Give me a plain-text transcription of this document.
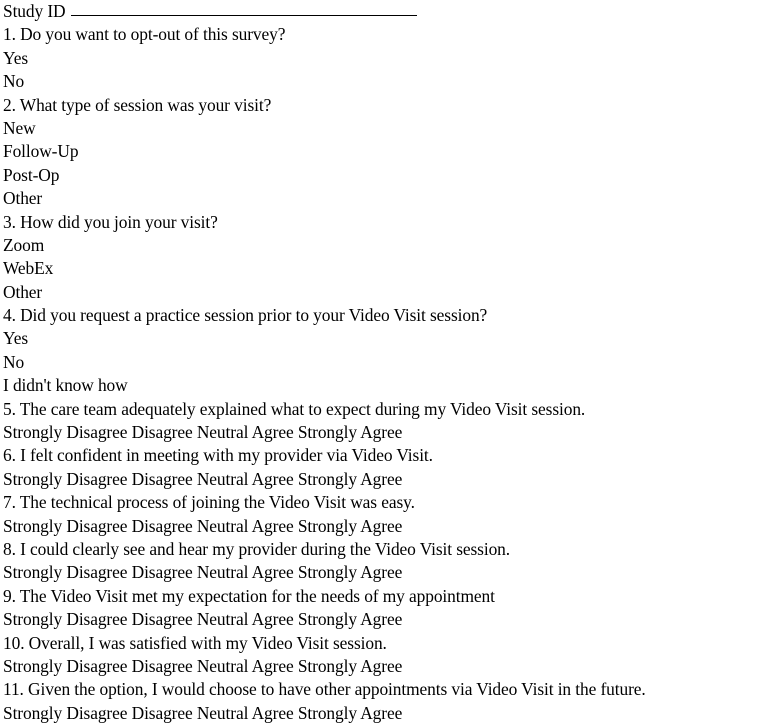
Study ID
1. Do you want to opt-out of this survey?
Yes
No
2. What type of session was your visit?
New
Follow-Up
Post-Op
Other
3. How did you join your visit?
Zoom
WebEx
Other
4. Did you request a practice session prior to your Video Visit session?
Yes
No
I didn't know how
5. The care team adequately explained what to expect during my Video Visit session.
Strongly Disagree Disagree Neutral Agree Strongly Agree
6. I felt confident in meeting with my provider via Video Visit.
Strongly Disagree Disagree Neutral Agree Strongly Agree
7. The technical process of joining the Video Visit was easy.
Strongly Disagree Disagree Neutral Agree Strongly Agree
8. I could clearly see and hear my provider during the Video Visit session.
Strongly Disagree Disagree Neutral Agree Strongly Agree
9. The Video Visit met my expectation for the needs of my appointment
Strongly Disagree Disagree Neutral Agree Strongly Agree
10. Overall, I was satisfied with my Video Visit session.
Strongly Disagree Disagree Neutral Agree Strongly Agree
11. Given the option, I would choose to have other appointments via Video Visit in the future.
Strongly Disagree Disagree Neutral Agree Strongly Agree
